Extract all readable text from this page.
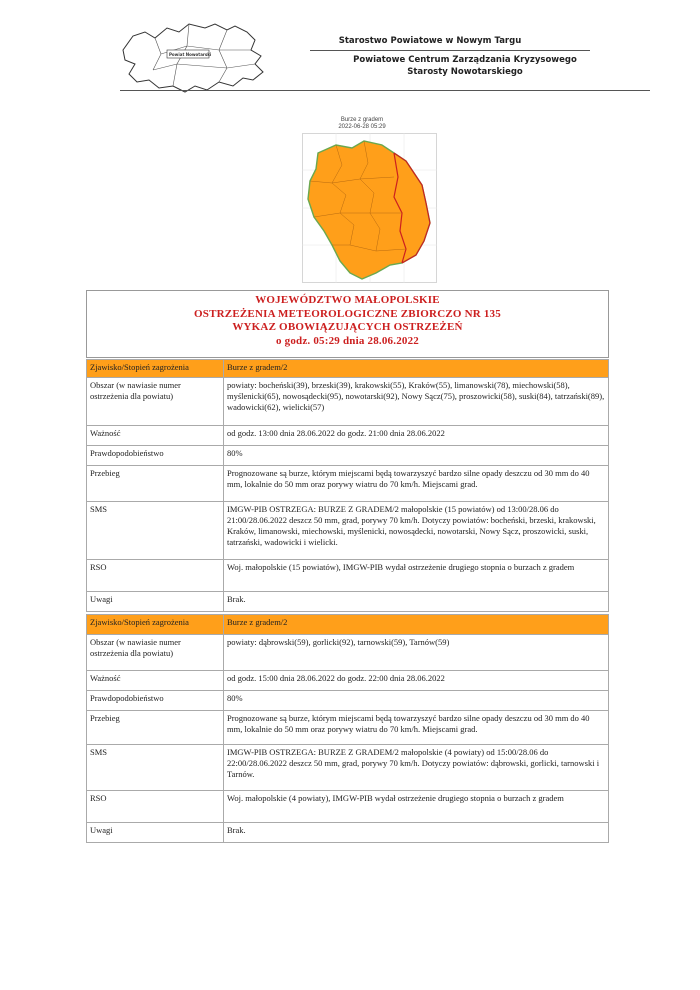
Powiat Nowotarski
Starostwo Powiatowe w Nowym Targu
Powiatowe Centrum Zarządzania Kryzysowego
Starosty Nowotarskiego
Burze z gradem
2022-06-28 05:29
WOJEWÓDZTWO MAŁOPOLSKIE
OSTRZEŻENIA METEOROLOGICZNE ZBIORCZO NR 135
WYKAZ OBOWIĄZUJĄCYCH OSTRZEŻEŃ
o godz. 05:29 dnia 28.06.2022
Zjawisko/Stopień zagrożenia	Burze z gradem/2
Obszar (w nawiasie numer ostrzeżenia dla powiatu)	powiaty: bocheński(39), brzeski(39), krakowski(55), Kraków(55), limanowski(78), miechowski(58), myślenicki(65), nowosądecki(95), nowotarski(92), Nowy Sącz(75), proszowicki(58), suski(84), tatrzański(89), wadowicki(62), wielicki(57)
Ważność	od godz. 13:00 dnia 28.06.2022 do godz. 21:00 dnia 28.06.2022
Prawdopodobieństwo	80%
Przebieg	Prognozowane są burze, którym miejscami będą towarzyszyć bardzo silne opady deszczu od 30 mm do 40 mm, lokalnie do 50 mm oraz porywy wiatru do 70 km/h. Miejscami grad.
SMS	IMGW-PIB OSTRZEGA: BURZE Z GRADEM/2 małopolskie (15 powiatów) od 13:00/28.06 do 21:00/28.06.2022 deszcz 50 mm, grad, porywy 70 km/h. Dotyczy powiatów: bocheński, brzeski, krakowski, Kraków, limanowski, miechowski, myślenicki, nowosądecki, nowotarski, Nowy Sącz, proszowicki, suski, tatrzański, wadowicki i wielicki.
RSO	Woj. małopolskie (15 powiatów), IMGW-PIB wydał ostrzeżenie drugiego stopnia o burzach z gradem
Uwagi	Brak.
Zjawisko/Stopień zagrożenia	Burze z gradem/2
Obszar (w nawiasie numer ostrzeżenia dla powiatu)	powiaty: dąbrowski(59), gorlicki(92), tarnowski(59), Tarnów(59)
Ważność	od godz. 15:00 dnia 28.06.2022 do godz. 22:00 dnia 28.06.2022
Prawdopodobieństwo	80%
Przebieg	Prognozowane są burze, którym miejscami będą towarzyszyć bardzo silne opady deszczu od 30 mm do 40 mm, lokalnie do 50 mm oraz porywy wiatru do 70 km/h. Miejscami grad.
SMS	IMGW-PIB OSTRZEGA: BURZE Z GRADEM/2 małopolskie (4 powiaty) od 15:00/28.06 do 22:00/28.06.2022 deszcz 50 mm, grad, porywy 70 km/h. Dotyczy powiatów: dąbrowski, gorlicki, tarnowski i Tarnów.
RSO	Woj. małopolskie (4 powiaty), IMGW-PIB wydał ostrzeżenie drugiego stopnia o burzach z gradem
Uwagi	Brak.
